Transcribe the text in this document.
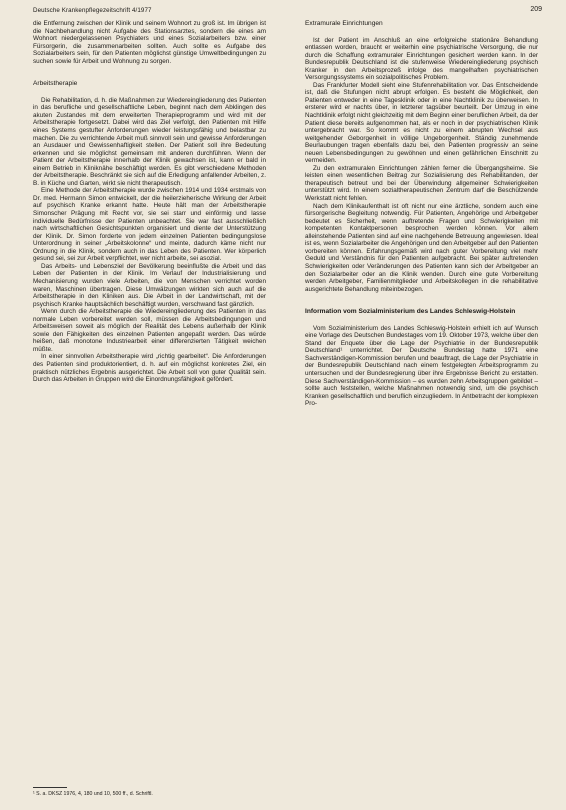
Deutsche Krankenpflegezeitschrift 4/1977	209

die Entfernung zwischen der Klinik und seinem Wohnort zu groß ist. Im übrigen ist die Nachbehandlung nicht Aufgabe des Stationsarztes, sondern die eines am Wohnort niedergelassenen Psychiaters und eines Sozialarbeiters bzw. einer Fürsorgerin, die zusammenarbeiten sollten. Auch sollte es Aufgabe des Sozialarbeiters sein, für den Patienten möglichst günstige Umweltbedingungen zu suchen sowie für Arbeit und Wohnung zu sorgen.

Arbeitstherapie

Die Rehabilitation, d. h. die Maßnahmen zur Wiedereingliederung des Patienten in das berufliche und gesellschaftliche Leben, beginnt nach dem Abklingen des akuten Zustandes mit dem erweiterten Therapieprogramm und wird mit der Arbeitstherapie fortgesetzt. Dabei wird das Ziel verfolgt, den Patienten mit Hilfe eines Systems gestufter Anforderungen wieder leistungsfähig und belastbar zu machen. Die zu verrichtende Arbeit muß sinnvoll sein und gewisse Anforderungen an Ausdauer und Gewissenhaftigkeit stellen. Der Patient soll ihre Bedeutung erkennen und sie möglichst gemeinsam mit anderen durchführen. Wenn der Patient der Arbeitstherapie innerhalb der Klinik gewachsen ist, kann er bald in einem Betrieb in Kliniknähe beschäftigt werden. Es gibt verschiedene Methoden der Arbeitstherapie. Beschränkt sie sich auf die Erledigung anfallender Arbeiten, z. B. in Küche und Garten, wirkt sie nicht therapeutisch.

Eine Methode der Arbeitstherapie wurde zwischen 1914 und 1934 erstmals von Dr. med. Hermann Simon entwickelt, der die heilerzieherische Wirkung der Arbeit auf psychisch Kranke erkannt hatte. Heute hält man der Arbeitstherapie Simonscher Prägung mit Recht vor, sie sei starr und einförmig und lasse individuelle Bedürfnisse der Patienten unbeachtet. Sie war fast ausschließlich nach wirtschaftlichen Gesichtspunkten organisiert und diente der Unterstützung der Klinik. Dr. Simon forderte von jedem einzelnen Patienten bedingungslose Unterordnung in seiner „Arbeitskolonne“ und meinte, dadurch käme nicht nur Ordnung in die Klinik, sondern auch in das Leben des Patienten. Wer körperlich gesund sei, sei zur Arbeit verpflichtet, wer nicht arbeite, sei asozial.

Das Arbeits- und Lebensziel der Bevölkerung beeinflußte die Arbeit und das Leben der Patienten in der Klinik. Im Verlauf der Industrialisierung und Mechanisierung wurden viele Arbeiten, die von Menschen verrichtet worden waren, Maschinen übertragen. Diese Umwälzungen wirkten sich auch auf die Arbeitstherapie in den Kliniken aus. Die Arbeit in der Landwirtschaft, mit der psychisch Kranke hauptsächlich beschäftigt wurden, verschwand fast gänzlich.

Wenn durch die Arbeitstherapie die Wiedereingliederung des Patienten in das normale Leben vorbereitet werden soll, müssen die Arbeitsbedingungen und Arbeitsweisen soweit als möglich der Realität des Lebens außerhalb der Klinik sowie den Fähigkeiten des einzelnen Patienten angepaßt werden. Das würde heißen, daß monotone Industriearbeit einer differenzierten Tätigkeit weichen müßte.

In einer sinnvollen Arbeitstherapie wird „richtig gearbeitet“. Die Anforderungen des Patienten sind produktorientiert, d. h. auf ein möglichst konkretes Ziel, ein praktisch nützliches Ergebnis ausgerichtet. Die Arbeit soll von guter Qualität sein. Durch das Arbeiten in Gruppen wird die Einordnungsfähigkeit gefördert.

Extramurale Einrichtungen

Ist der Patient im Anschluß an eine erfolgreiche stationäre Behandlung entlassen worden, braucht er weiterhin eine psychiatrische Versorgung, die nur durch die Schaffung extramuraler Einrichtungen gesichert werden kann. In der Bundesrepublik Deutschland ist die stufenweise Wiedereingliederung psychisch Kranker in den Arbeitsprozeß infolge des mangelhaften psychiatrischen Versorgungssystems ein sozialpolitisches Problem.

Das Frankfurter Modell sieht eine Stufenrehabilitation vor. Das Entscheidende ist, daß die Stufungen nicht abrupt erfolgen. Es besteht die Möglichkeit, den Patienten entweder in eine Tagesklinik oder in eine Nachtklinik zu überweisen. In ersterer wird er nachts über, in letzterer tagsüber beurteilt. Der Umzug in eine Nachtklinik erfolgt nicht gleichzeitig mit dem Beginn einer beruflichen Arbeit, da der Patient diese bereits aufgenommen hat, als er noch in der psychiatrischen Klinik untergebracht war. So kommt es nicht zu einem abrupten Wechsel aus weitgehender Geborgenheit in völlige Ungeborgenheit. Ständig zunehmende Beurlaubungen tragen ebenfalls dazu bei, den Patienten progressiv an seine neuen Lebensbedingungen zu gewöhnen und einen gefährlichen Einschnitt zu vermeiden.

Zu den extramuralen Einrichtungen zählen ferner die Übergangsheime. Sie leisten einen wesentlichen Beitrag zur Sozialisierung des Rehabilitanden, der therapeutisch betreut und bei der Überwindung allgemeiner Schwierigkeiten unterstützt wird. In einem sozialtherapeutischen Zentrum darf die Beschützende Werkstatt nicht fehlen.

Nach dem Klinikaufenthalt ist oft nicht nur eine ärztliche, sondern auch eine fürsorgerische Begleitung notwendig. Für Patienten, Angehörige und Arbeitgeber bedeutet es Sicherheit, wenn auftretende Fragen und Schwierigkeiten mit kompetenten Kontaktpersonen besprochen werden können. Vor allem alleinstehende Patienten sind auf eine nachgehende Betreuung angewiesen. Ideal ist es, wenn Sozialarbeiter die Angehörigen und den Arbeitgeber auf den Patienten vorbereiten können. Erfahrungsgemäß wird nach guter Vorbereitung viel mehr Geduld und Verständnis für den Patienten aufgebracht. Bei später auftretenden Schwierigkeiten oder Veränderungen des Patienten kann sich der Arbeitgeber an den Sozialarbeiter oder an die Klinik wenden. Durch eine gute Vorbereitung werden Arbeitgeber, Familienmitglieder und Arbeitskollegen in die rehabilitative ausgerichtete Behandlung miteinbezogen.

Information vom Sozialministerium des Landes Schleswig-Holstein

Vom Sozialministerium des Landes Schleswig-Holstein erhielt ich auf Wunsch eine Vorlage des Deutschen Bundestages vom 19. Oktober 1973, welche über den Stand der Enquete über die Lage der Psychiatrie in der Bundesrepublik Deutschland¹ unterrichtet. Der Deutsche Bundestag hatte 1971 eine Sachverständigen-Kommission berufen und beauftragt, die Lage der Psychiatrie in der Bundesrepublik Deutschland nach einem festgelegten Arbeitsprogramm zu untersuchen und der Bundesregierung über ihre Ergebnisse Bericht zu erstatten. Diese Sachverständigen-Kommission – es wurden zehn Arbeitsgruppen gebildet – sollte auch feststellen, welche Maßnahmen notwendig sind, um die psychisch Kranken gesellschaftlich und beruflich einzugliedern. In Antbetracht der komplexen Pro-

¹ S. a. DKSZ 1976, 4, 180 und 10, 500 ff., d. Schriftl.
